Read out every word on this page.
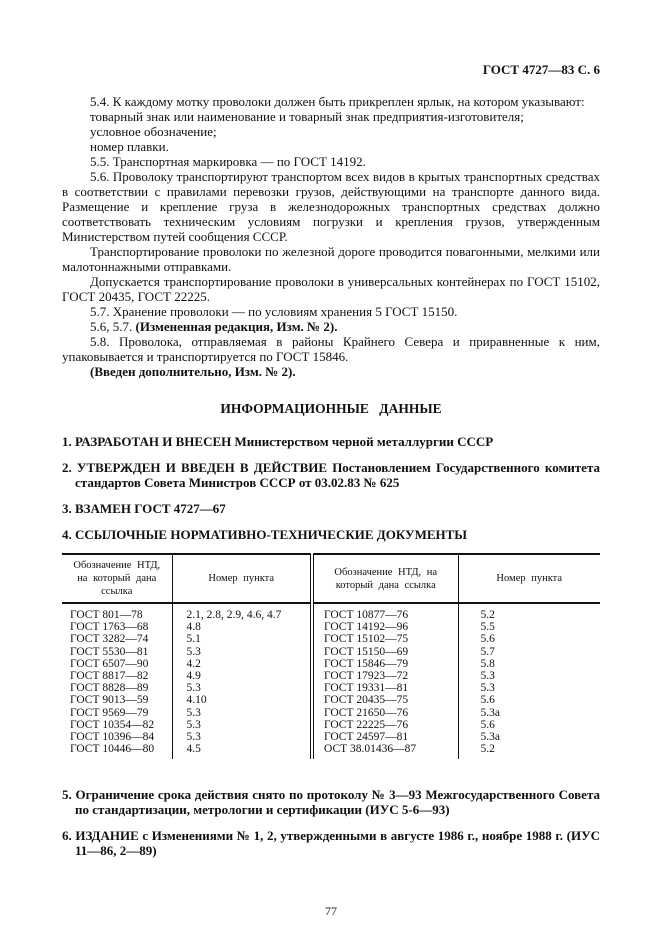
ГОСТ 4727—83 С. 6

5.4. К каждому мотку проволоки должен быть прикреплен ярлык, на котором указывают:

товарный знак или наименование и товарный знак предприятия-изготовителя;

условное обозначение;

номер плавки.

5.5. Транспортная маркировка — по ГОСТ 14192.

5.6. Проволоку транспортируют транспортом всех видов в крытых транспортных средствах в соответствии с правилами перевозки грузов, действующими на транспорте данного вида. Размещение и крепление груза в железнодорожных транспортных средствах должно соответствовать техническим условиям погрузки и крепления грузов, утвержденным Министерством путей сообщения СССР.

Транспортирование проволоки по железной дороге проводится повагонными, мелкими или малотоннажными отправками.

Допускается транспортирование проволоки в универсальных контейнерах по ГОСТ 15102, ГОСТ 20435, ГОСТ 22225.

5.7. Хранение проволоки — по условиям хранения 5 ГОСТ 15150.

5.6, 5.7. (Измененная редакция, Изм. № 2).

5.8. Проволока, отправляемая в районы Крайнего Севера и приравненные к ним, упаковывается и транспортируется по ГОСТ 15846.

(Введен дополнительно, Изм. № 2).

ИНФОРМАЦИОННЫЕ ДАННЫЕ

1. РАЗРАБОТАН И ВНЕСЕН Министерством черной металлургии СССР

2. УТВЕРЖДЕН И ВВЕДЕН В ДЕЙСТВИЕ Постановлением Государственного комитета стандартов Совета Министров СССР от 03.02.83 № 625

3. ВЗАМЕН ГОСТ 4727—67

4. ССЫЛОЧНЫЕ НОРМАТИВНО-ТЕХНИЧЕСКИЕ ДОКУМЕНТЫ

Обозначение НТД, на который дана ссылка	Номер пункта	Обозначение НТД, на который дана ссылка	Номер пункта
ГОСТ 801—78	2.1, 2.8, 2.9, 4.6, 4.7	ГОСТ 10877—76	5.2
ГОСТ 1763—68	4.8	ГОСТ 14192—96	5.5
ГОСТ 3282—74	5.1	ГОСТ 15102—75	5.6
ГОСТ 5530—81	5.3	ГОСТ 15150—69	5.7
ГОСТ 6507—90	4.2	ГОСТ 15846—79	5.8
ГОСТ 8817—82	4.9	ГОСТ 17923—72	5.3
ГОСТ 8828—89	5.3	ГОСТ 19331—81	5.3
ГОСТ 9013—59	4.10	ГОСТ 20435—75	5.6
ГОСТ 9569—79	5.3	ГОСТ 21650—76	5.3а
ГОСТ 10354—82	5.3	ГОСТ 22225—76	5.6
ГОСТ 10396—84	5.3	ГОСТ 24597—81	5.3а
ГОСТ 10446—80	4.5	ОСТ 38.01436—87	5.2

5. Ограничение срока действия снято по протоколу № 3—93 Межгосударственного Совета по стандартизации, метрологии и сертификации (ИУС 5-6—93)

6. ИЗДАНИЕ с Изменениями № 1, 2, утвержденными в августе 1986 г., ноябре 1988 г. (ИУС 11—86, 2—89)

77
